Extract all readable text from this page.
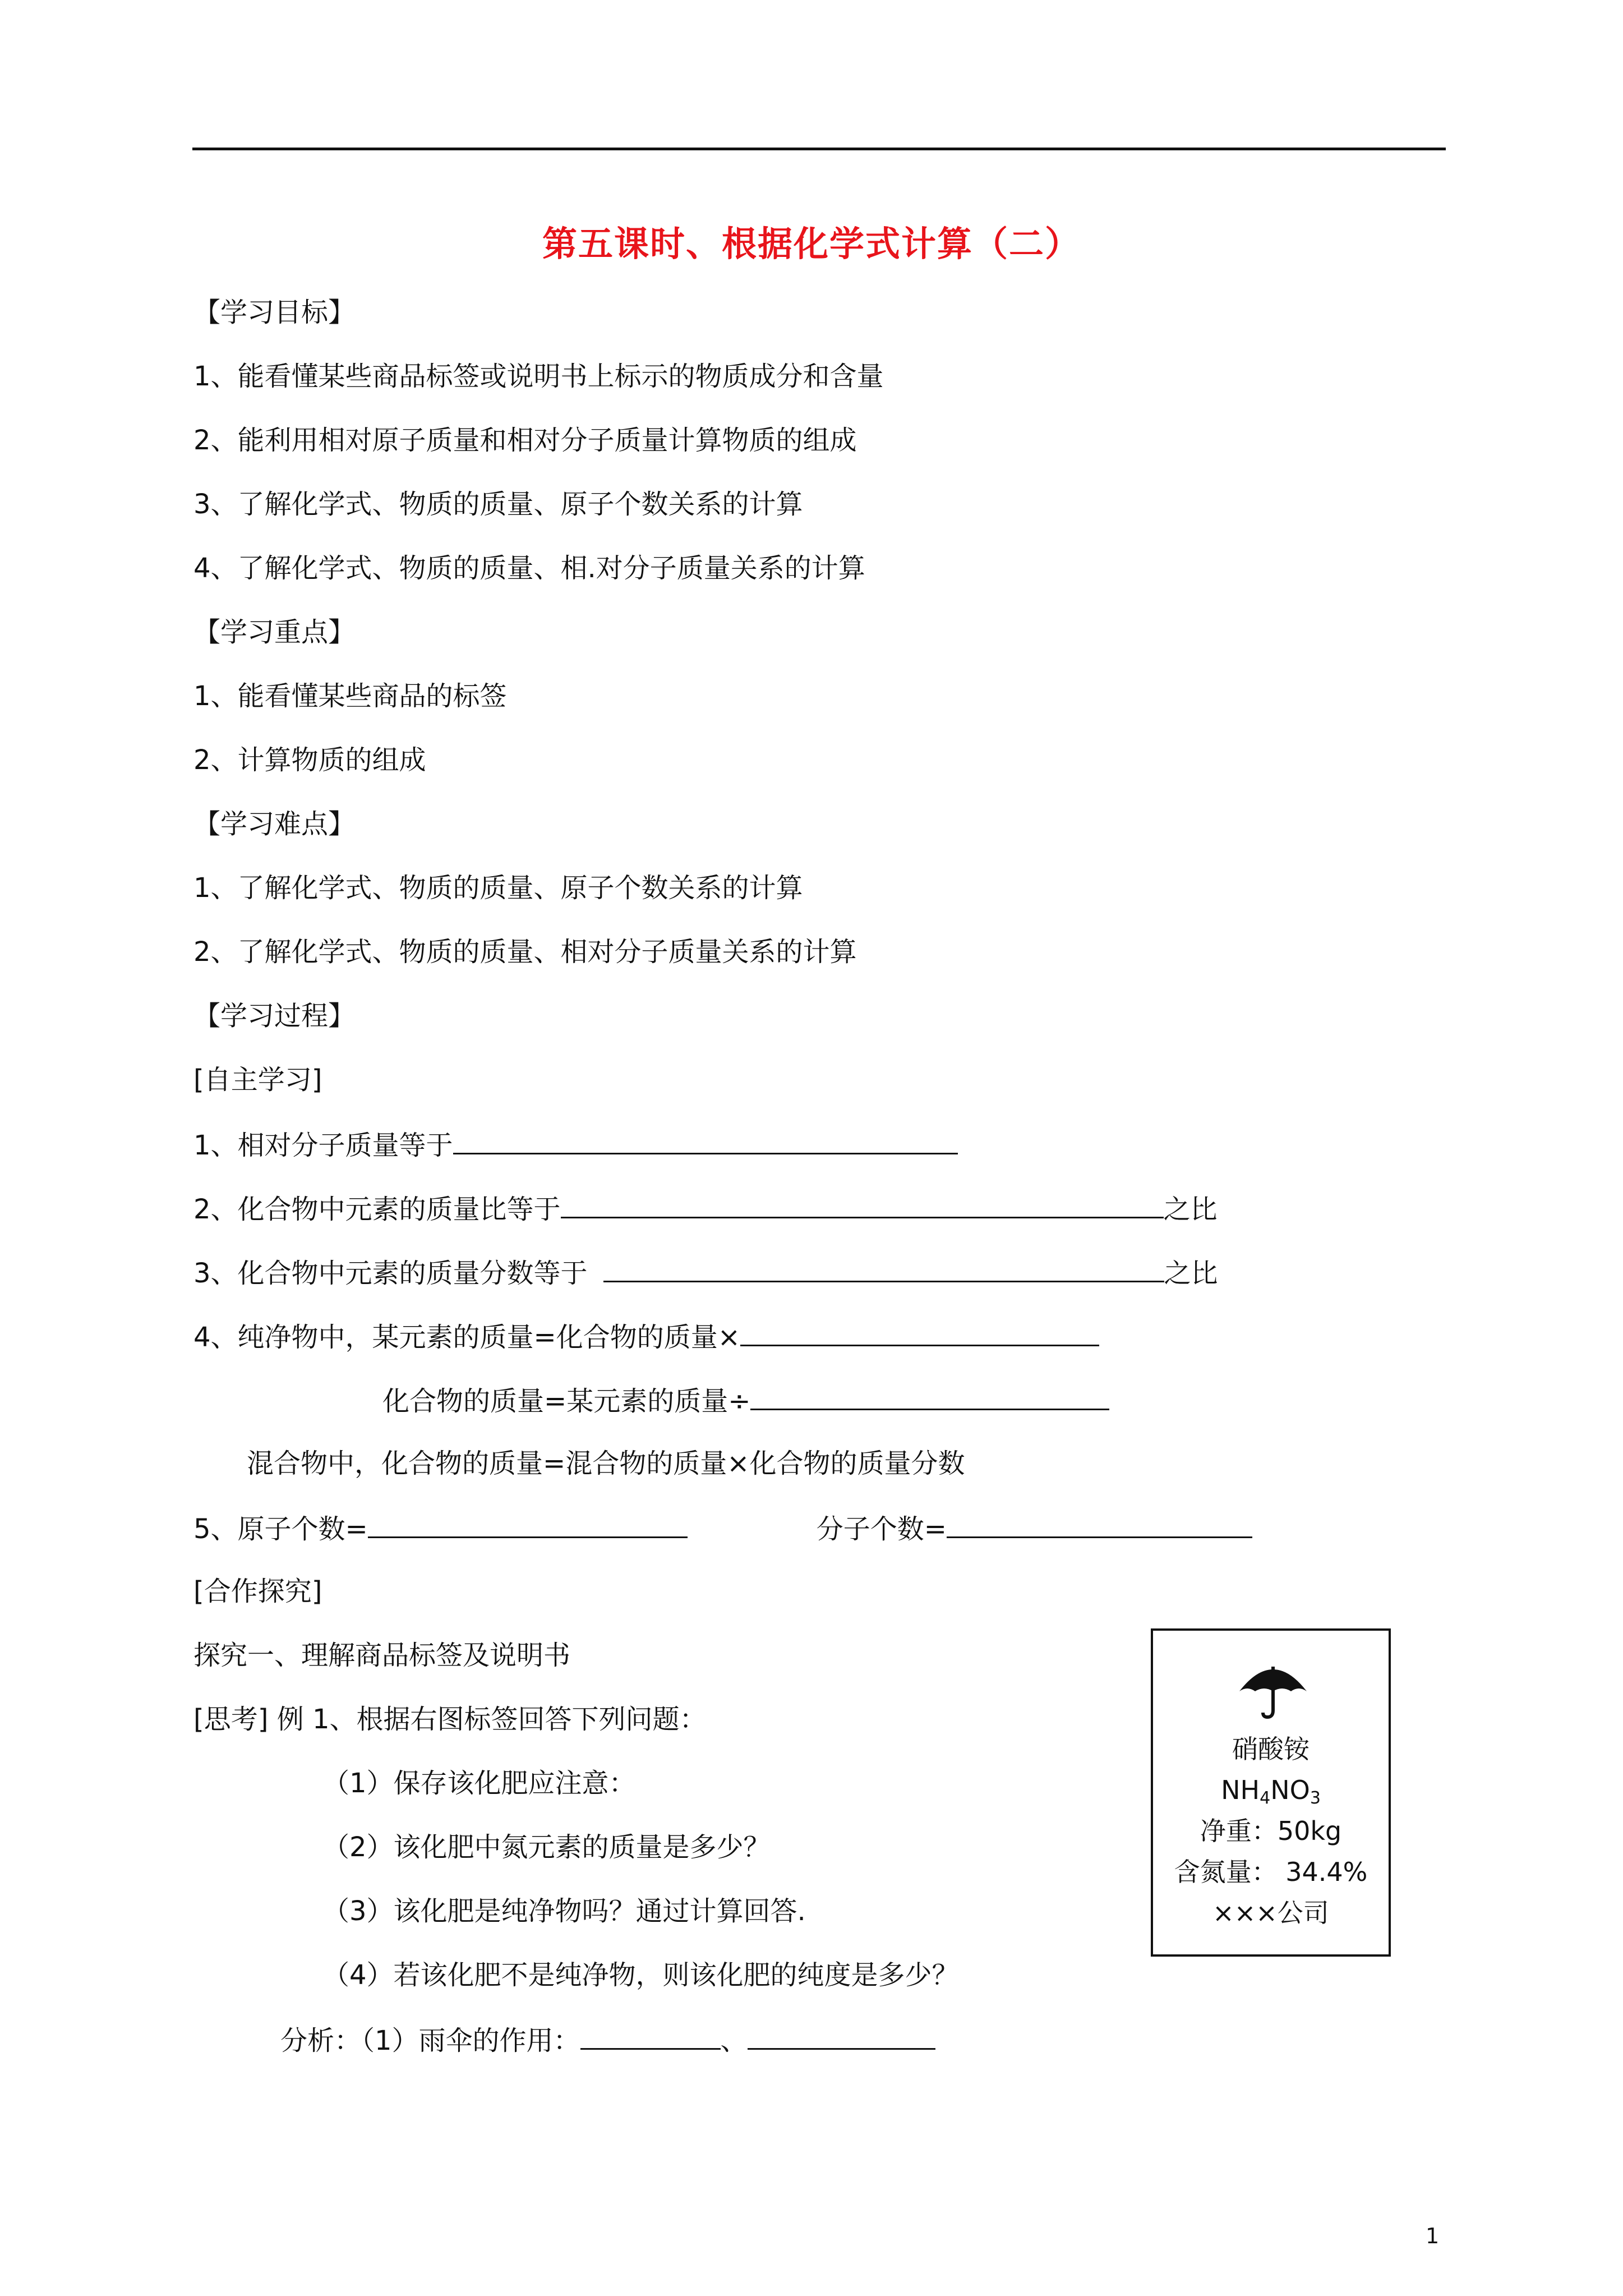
第五课时、根据化学式计算（二）
【学习目标】
1、能看懂某些商品标签或说明书上标示的物质成分和含量
2、能利用相对原子质量和相对分子质量计算物质的组成
3、了解化学式、物质的质量、原子个数关系的计算
4、了解化学式、物质的质量、相.对分子质量关系的计算
【学习重点】
1、能看懂某些商品的标签
2、计算物质的组成
【学习难点】
1、了解化学式、物质的质量、原子个数关系的计算
2、了解化学式、物质的质量、相对分子质量关系的计算
【学习过程】
[自主学习]
1、相对分子质量等于
2、化合物中元素的质量比等于	之比
3、化合物中元素的质量分数等于	之比
4、纯净物中，某元素的质量=化合物的质量×
化合物的质量=某元素的质量÷
混合物中，化合物的质量=混合物的质量×化合物的质量分数
5、原子个数=	分子个数=
[合作探究]
探究一、理解商品标签及说明书
[思考] 例 1、根据右图标签回答下列问题：
（1）保存该化肥应注意：
（2）该化肥中氮元素的质量是多少？
（3）该化肥是纯净物吗？通过计算回答.
（4）若该化肥不是纯净物，则该化肥的纯度是多少？
分析：（1）雨伞的作用：	、
硝酸铵
$NH_4NO_3$
净重：50kg
含氮量： 34.4%
×××公司
1
